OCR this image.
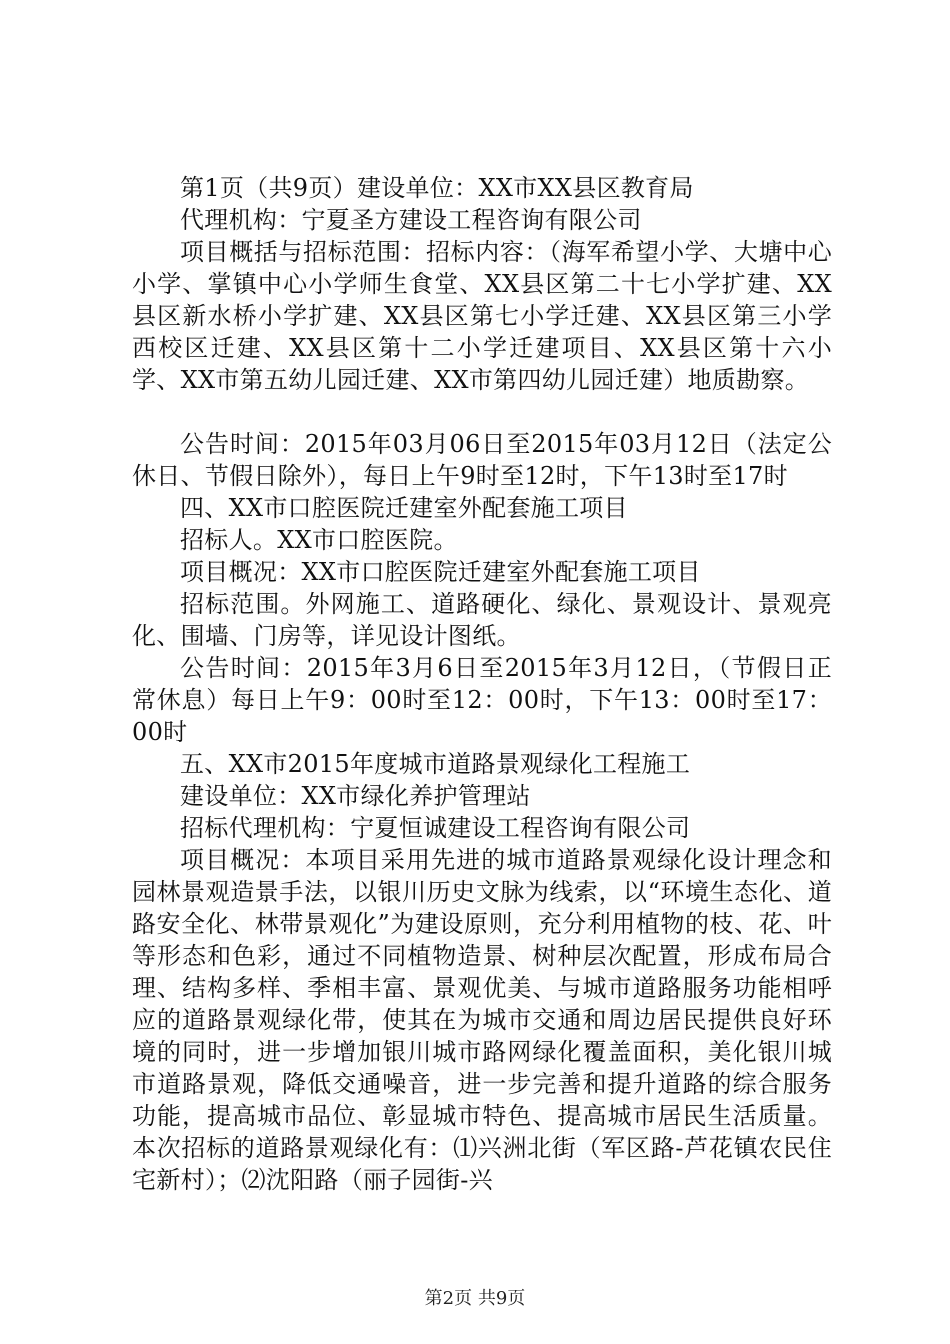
第1页（共9页）建设单位：XX市XX县区教育局

代理机构：宁夏圣方建设工程咨询有限公司

项目概括与招标范围：招标内容：（海军希望小学、大塘中心小学、掌镇中心小学师生食堂、XX县区第二十七小学扩建、XX县区新水桥小学扩建、XX县区第七小学迁建、XX县区第三小学西校区迁建、XX县区第十二小学迁建项目、XX县区第十六小学、XX市第五幼儿园迁建、XX市第四幼儿园迁建）地质勘察。

公告时间：2015年03月06日至2015年03月12日（法定公休日、节假日除外），每日上午9时至12时，下午13时至17时

四、XX市口腔医院迁建室外配套施工项目

招标人。XX市口腔医院。

项目概况：XX市口腔医院迁建室外配套施工项目

招标范围。外网施工、道路硬化、绿化、景观设计、景观亮化、围墙、门房等，详见设计图纸。

公告时间：2015年3月6日至2015年3月12日，（节假日正常休息）每日上午9：00时至12：00时，下午13：00时至17：00时

五、XX市2015年度城市道路景观绿化工程施工

建设单位：XX市绿化养护管理站

招标代理机构：宁夏恒诚建设工程咨询有限公司

项目概况：本项目采用先进的城市道路景观绿化设计理念和园林景观造景手法，以银川历史文脉为线索，以“环境生态化、道路安全化、林带景观化”为建设原则，充分利用植物的枝、花、叶等形态和色彩，通过不同植物造景、树种层次配置，形成布局合理、结构多样、季相丰富、景观优美、与城市道路服务功能相呼应的道路景观绿化带，使其在为城市交通和周边居民提供良好环境的同时，进一步增加银川城市路网绿化覆盖面积，美化银川城市道路景观，降低交通噪音，进一步完善和提升道路的综合服务功能，提高城市品位、彰显城市特色、提高城市居民生活质量。本次招标的道路景观绿化有：⑴兴洲北街（军区路-芦花镇农民住宅新村）；⑵沈阳路（丽子园街-兴

第2页 共9页
